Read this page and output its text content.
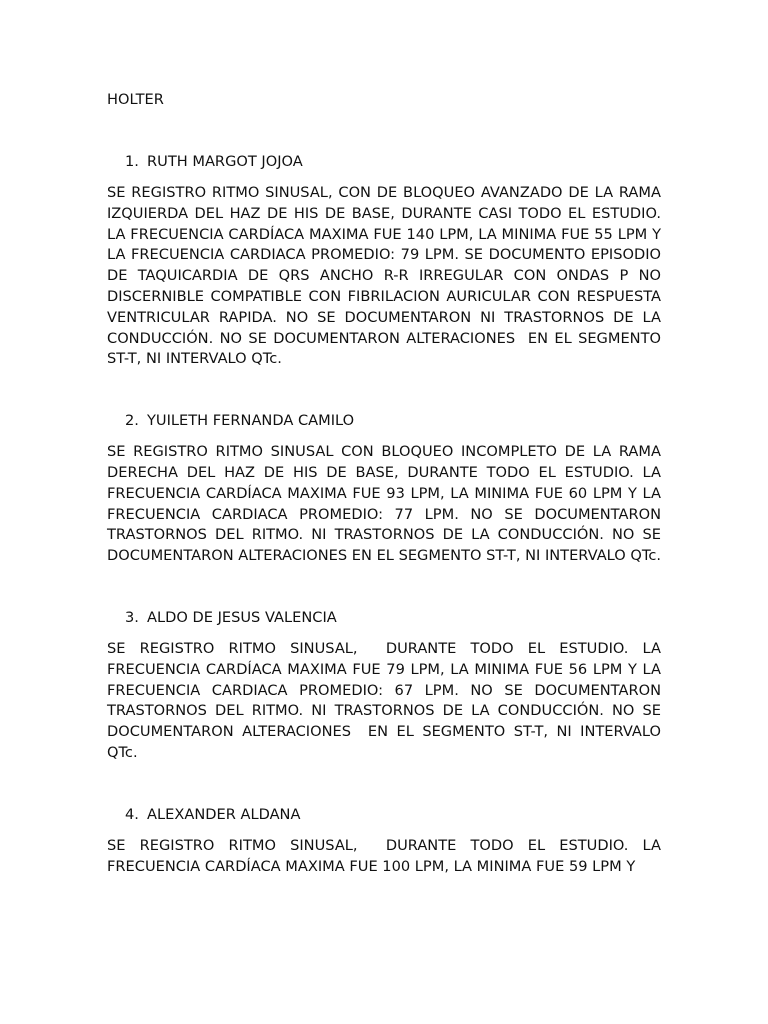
HOLTER

1. RUTH MARGOT JOJOA

SE REGISTRO RITMO SINUSAL, CON DE BLOQUEO AVANZADO DE LA RAMA IZQUIERDA DEL HAZ DE HIS DE BASE, DURANTE CASI TODO EL ESTUDIO. LA FRECUENCIA CARDÍACA MAXIMA FUE 140 LPM, LA MINIMA FUE 55 LPM Y LA FRECUENCIA CARDIACA PROMEDIO: 79 LPM. SE DOCUMENTO EPISODIO DE TAQUICARDIA DE QRS ANCHO R-R IRREGULAR CON ONDAS P NO DISCERNIBLE COMPATIBLE CON FIBRILACION AURICULAR CON RESPUESTA VENTRICULAR RAPIDA. NO SE DOCUMENTARON NI TRASTORNOS DE LA CONDUCCIÓN. NO SE DOCUMENTARON ALTERACIONES  EN EL SEGMENTO ST-T, NI INTERVALO QTc.

2. YUILETH FERNANDA CAMILO

SE REGISTRO RITMO SINUSAL CON BLOQUEO INCOMPLETO DE LA RAMA DERECHA DEL HAZ DE HIS DE BASE, DURANTE TODO EL ESTUDIO. LA FRECUENCIA CARDÍACA MAXIMA FUE 93 LPM, LA MINIMA FUE 60 LPM Y LA FRECUENCIA CARDIACA PROMEDIO: 77 LPM. NO SE DOCUMENTARON TRASTORNOS DEL RITMO. NI TRASTORNOS DE LA CONDUCCIÓN. NO SE DOCUMENTARON ALTERACIONES EN EL SEGMENTO ST-T, NI INTERVALO QTc.

3. ALDO DE JESUS VALENCIA

SE REGISTRO RITMO SINUSAL,  DURANTE TODO EL ESTUDIO. LA FRECUENCIA CARDÍACA MAXIMA FUE 79 LPM, LA MINIMA FUE 56 LPM Y LA FRECUENCIA CARDIACA PROMEDIO: 67 LPM. NO SE DOCUMENTARON TRASTORNOS DEL RITMO. NI TRASTORNOS DE LA CONDUCCIÓN. NO SE DOCUMENTARON ALTERACIONES  EN EL SEGMENTO ST-T, NI INTERVALO QTc.

4. ALEXANDER ALDANA

SE REGISTRO RITMO SINUSAL,  DURANTE TODO EL ESTUDIO. LA FRECUENCIA CARDÍACA MAXIMA FUE 100 LPM, LA MINIMA FUE 59 LPM Y
